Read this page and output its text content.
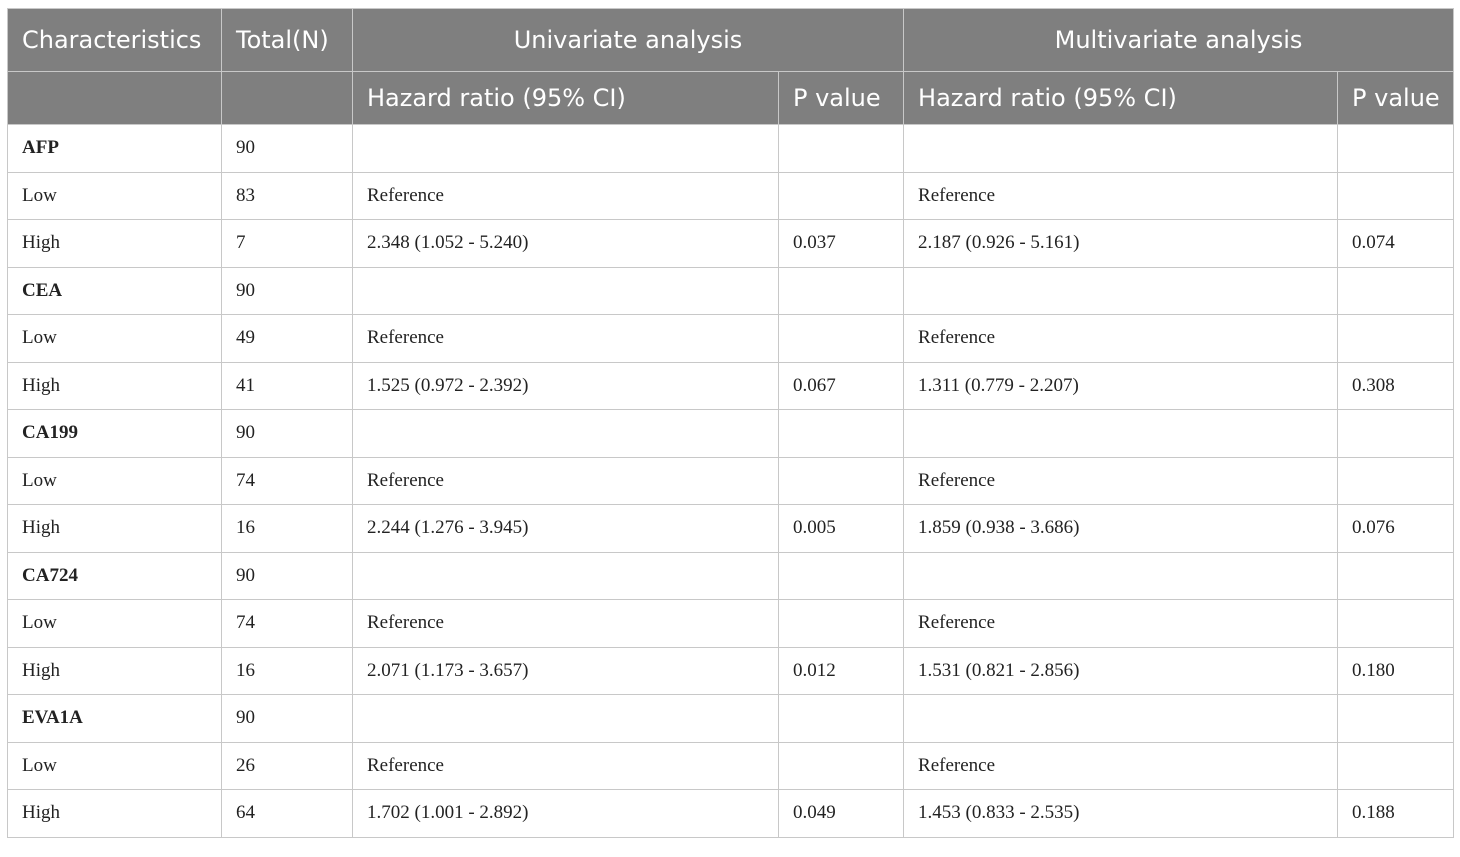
Characteristics	Total(N)	Univariate analysis		Multivariate analysis	
		Hazard ratio (95% CI)	P value	Hazard ratio (95% CI)	P value
AFP	90				
Low	83	Reference		Reference	
High	7	2.348 (1.052 - 5.240)	0.037	2.187 (0.926 - 5.161)	0.074
CEA	90				
Low	49	Reference		Reference	
High	41	1.525 (0.972 - 2.392)	0.067	1.311 (0.779 - 2.207)	0.308
CA199	90				
Low	74	Reference		Reference	
High	16	2.244 (1.276 - 3.945)	0.005	1.859 (0.938 - 3.686)	0.076
CA724	90				
Low	74	Reference		Reference	
High	16	2.071 (1.173 - 3.657)	0.012	1.531 (0.821 - 2.856)	0.180
EVA1A	90				
Low	26	Reference		Reference	
High	64	1.702 (1.001 - 2.892)	0.049	1.453 (0.833 - 2.535)	0.188
